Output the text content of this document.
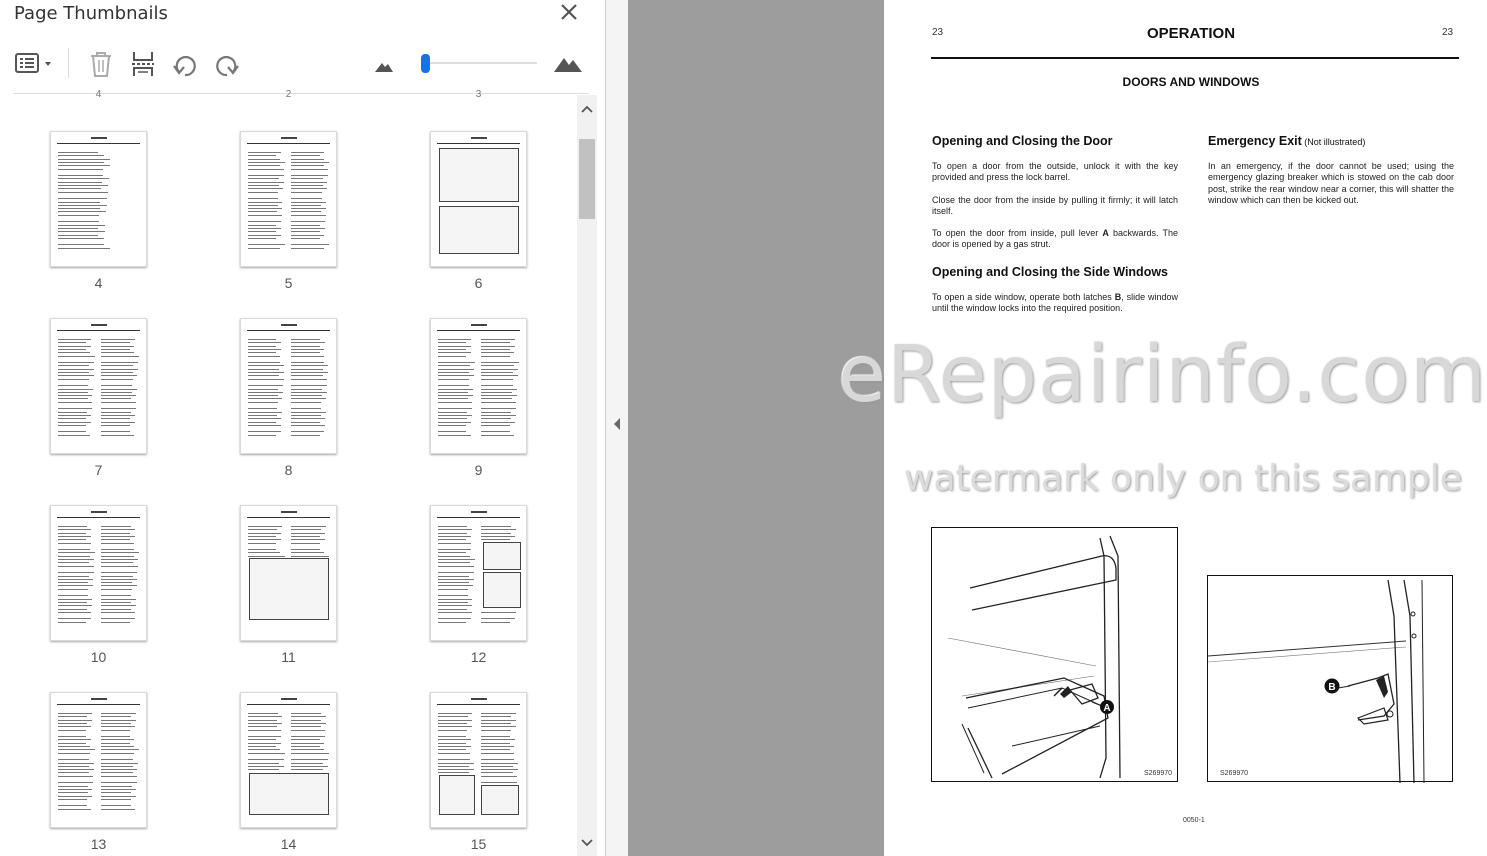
Page Thumbnails
4	2	3
4	5	6
7	8	9
10	11	12
13	14	15
23	23
OPERATION
DOORS AND WINDOWS
Opening and Closing the Door
To open a door from the outside, unlock it with the key provided and press the lock barrel.
Close the door from the inside by pulling it firmly; it will latch itself.
To open the door from inside, pull lever A backwards. The door is opened by a gas strut.
Opening and Closing the Side Windows
To open a side window, operate both latches B, slide window until the window locks into the required position.
Emergency Exit (Not illustrated)
In an emergency, if the door cannot be used; using the emergency glazing breaker which is stowed on the cab door post, strike the rear window near a corner, this will shatter the window which can then be kicked out.
A
S269970
B
S269970
0050-1
eRepairinfo.com
watermark only on this sample
